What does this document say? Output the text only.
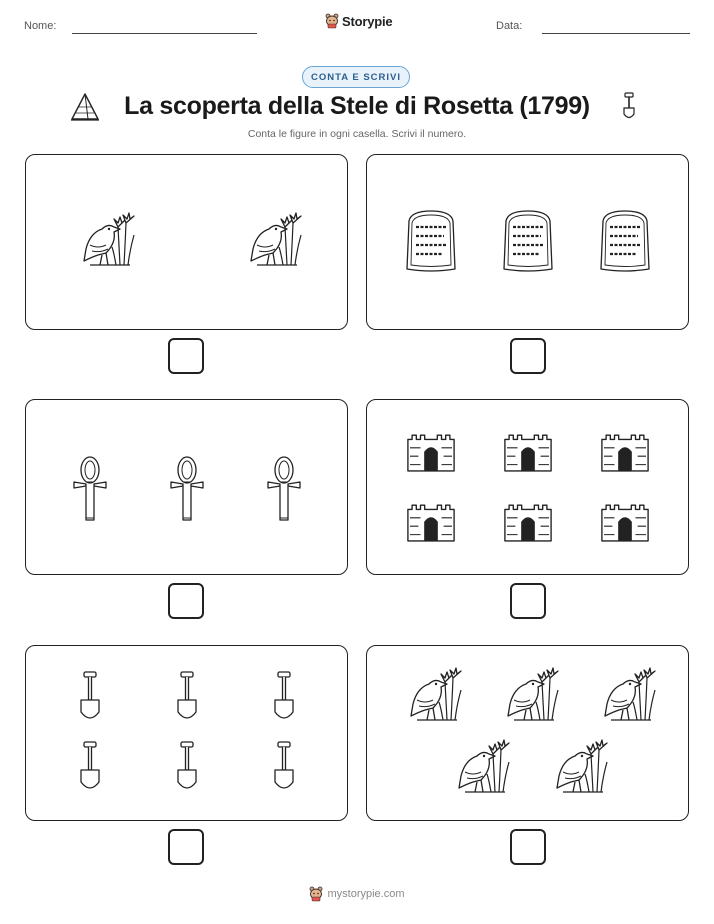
Nome:	Storypie	Data:
CONTA E SCRIVI
La scoperta della Stele di Rosetta (1799)
Conta le figure in ogni casella. Scrivi il numero.
mystorypie.com
